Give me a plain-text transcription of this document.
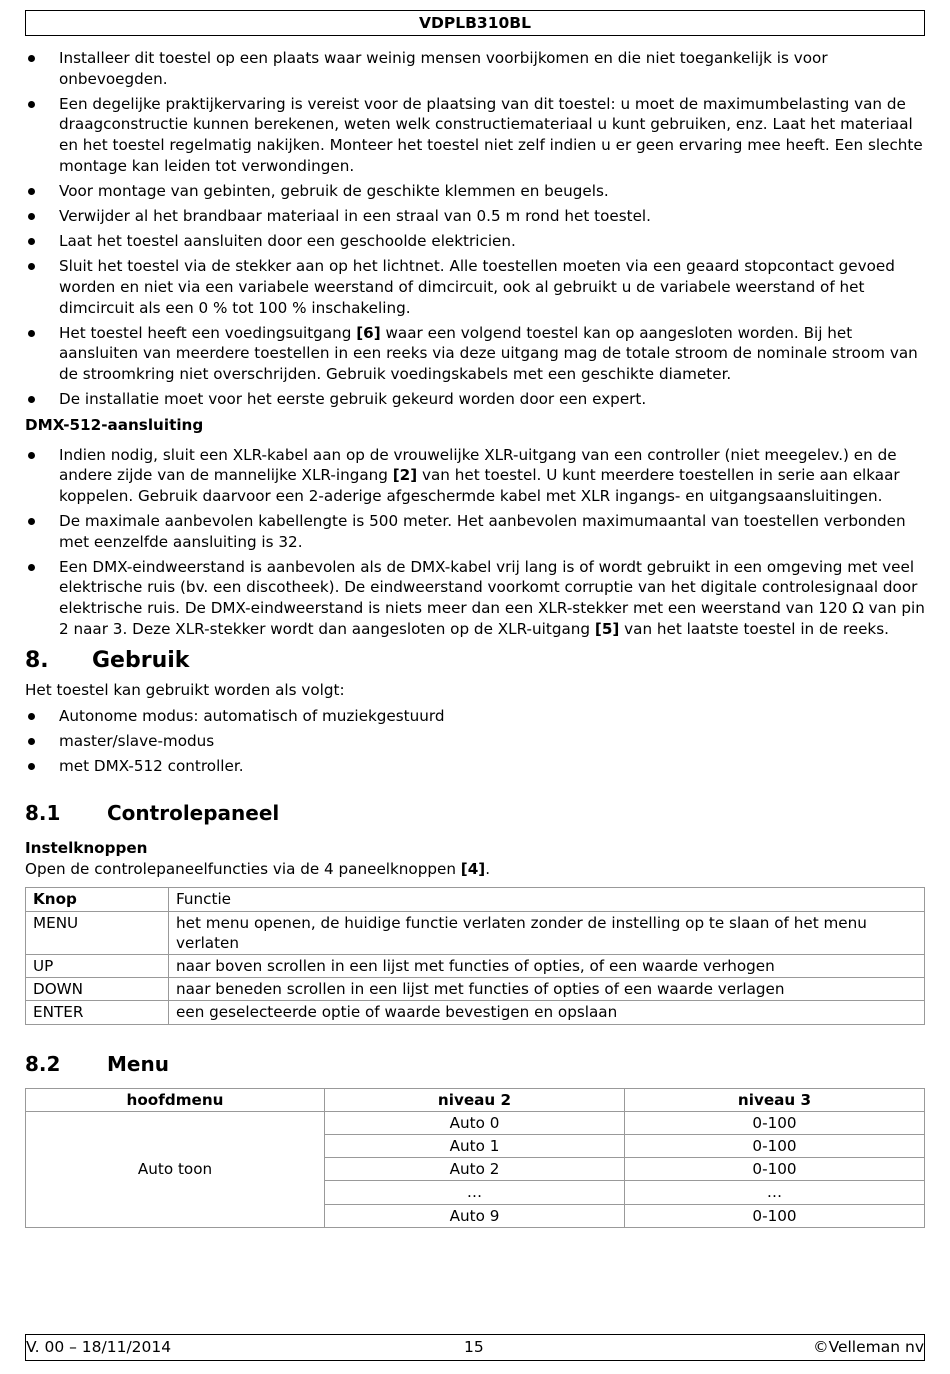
VDPLB310BL
Installeer dit toestel op een plaats waar weinig mensen voorbijkomen en die niet toegankelijk is voor onbevoegden.
Een degelijke praktijkervaring is vereist voor de plaatsing van dit toestel: u moet de maximumbelasting van de draagconstructie kunnen berekenen, weten welk constructiemateriaal u kunt gebruiken, enz. Laat het materiaal en het toestel regelmatig nakijken. Monteer het toestel niet zelf indien u er geen ervaring mee heeft. Een slechte montage kan leiden tot verwondingen.
Voor montage van gebinten, gebruik de geschikte klemmen en beugels.
Verwijder al het brandbaar materiaal in een straal van 0.5 m rond het toestel.
Laat het toestel aansluiten door een geschoolde elektricien.
Sluit het toestel via de stekker aan op het lichtnet. Alle toestellen moeten via een geaard stopcontact gevoed worden en niet via een variabele weerstand of dimcircuit, ook al gebruikt u de variabele weerstand of het dimcircuit als een 0 % tot 100 % inschakeling.
Het toestel heeft een voedingsuitgang [6] waar een volgend toestel kan op aangesloten worden. Bij het aansluiten van meerdere toestellen in een reeks via deze uitgang mag de totale stroom de nominale stroom van de stroomkring niet overschrijden. Gebruik voedingskabels met een geschikte diameter.
De installatie moet voor het eerste gebruik gekeurd worden door een expert.
DMX-512-aansluiting
Indien nodig, sluit een XLR-kabel aan op de vrouwelijke XLR-uitgang van een controller (niet meegelev.) en de andere zijde van de mannelijke XLR-ingang [2] van het toestel. U kunt meerdere toestellen in serie aan elkaar koppelen. Gebruik daarvoor een 2-aderige afgeschermde kabel met XLR ingangs- en uitgangsaansluitingen.
De maximale aanbevolen kabellengte is 500 meter. Het aanbevolen maximumaantal van toestellen verbonden met eenzelfde aansluiting is 32.
Een DMX-eindweerstand is aanbevolen als de DMX-kabel vrij lang is of wordt gebruikt in een omgeving met veel elektrische ruis (bv. een discotheek). De eindweerstand voorkomt corruptie van het digitale controlesignaal door elektrische ruis. De DMX-eindweerstand is niets meer dan een XLR-stekker met een weerstand van 120 Ω van pin 2 naar 3. Deze XLR-stekker wordt dan aangesloten op de XLR-uitgang [5] van het laatste toestel in de reeks.
8. Gebruik

Het toestel kan gebruikt worden als volgt:

Autonome modus: automatisch of muziekgestuurd
master/slave-modus
met DMX-512 controller.
8.1 Controlepaneel
Instelknoppen

Open de controlepaneelfuncties via de 4 paneelknoppen [4].

Knop	Functie
MENU	het menu openen, de huidige functie verlaten zonder de instelling op te slaan of het menu verlaten
UP	naar boven scrollen in een lijst met functies of opties, of een waarde verhogen
DOWN	naar beneden scrollen in een lijst met functies of opties of een waarde verlagen
ENTER	een geselecteerde optie of waarde bevestigen en opslaan
8.2 Menu
hoofdmenu	niveau 2	niveau 3
Auto toon	Auto 0	0-100
	Auto 1	0-100
	Auto 2	0-100
	…	…
	Auto 9	0-100
V. 00 – 18/11/2014	15	©Velleman nv
